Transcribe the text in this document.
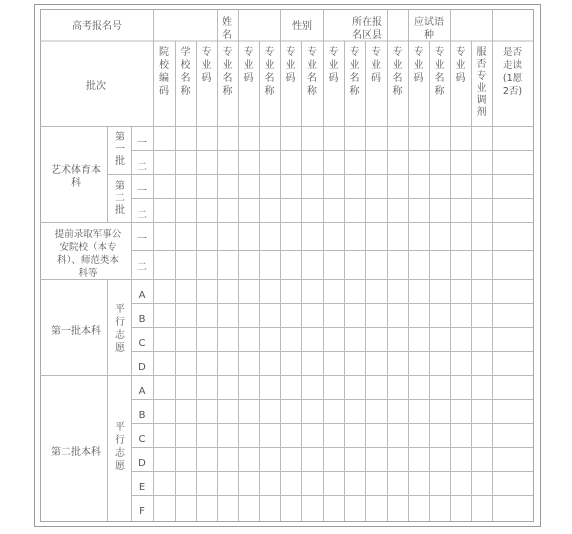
高考报名号	姓
名
性别	所在报
名区县
应试语
种
批次
院
校
编
码
学
校
名
称
专
业
码
专
业
名
称
专
业
码
专
业
名
称
专
业
码
专
业
名
称
专
业
码
专
业
名
称
专
业
码
专
业
名
称
专
业
码
专
业
名
称
专
业
码
服
否
专
业
调
剂
是否
走读
(1愿
2否)
艺术体育本
科
第
一
批
第
二
批
一
二
一
二
提前录取军事公
安院校（本专
科）、师范类本
科等
一
二
第一批本科
平
行
志
愿
A
B
C
D
第二批本科
平
行
志
愿
A
B
C
D
E
F
